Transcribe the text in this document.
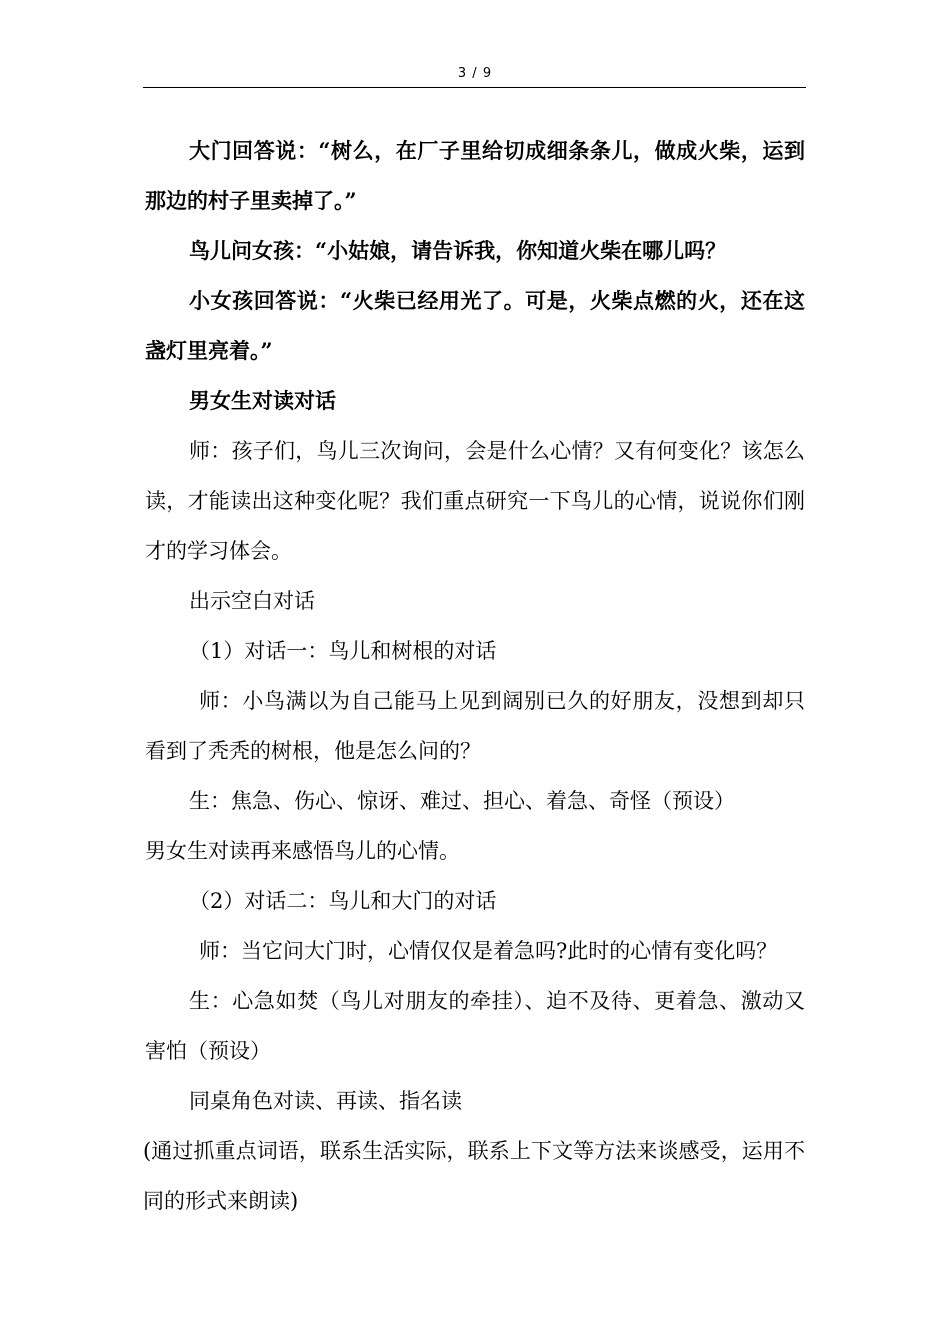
3 / 9

大门回答说：“树么，在厂子里给切成细条条儿，做成火柴，运到那边的村子里卖掉了。”

鸟儿问女孩：“小姑娘，请告诉我，你知道火柴在哪儿吗？

小女孩回答说：“火柴已经用光了。可是，火柴点燃的火，还在这盏灯里亮着。”

男女生对读对话

师：孩子们，鸟儿三次询问，会是什么心情？又有何变化？该怎么读，才能读出这种变化呢？我们重点研究一下鸟儿的心情，说说你们刚才的学习体会。

出示空白对话

（1）对话一：鸟儿和树根的对话

师：小鸟满以为自己能马上见到阔别已久的好朋友，没想到却只看到了秃秃的树根，他是怎么问的？

生：焦急、伤心、惊讶、难过、担心、着急、奇怪（预设）

男女生对读再来感悟鸟儿的心情。

（2）对话二：鸟儿和大门的对话

师：当它问大门时，心情仅仅是着急吗?此时的心情有变化吗？

生：心急如焚（鸟儿对朋友的牵挂）、迫不及待、更着急、激动又害怕（预设）

同桌角色对读、再读、指名读

(通过抓重点词语，联系生活实际，联系上下文等方法来谈感受，运用不同的形式来朗读)
